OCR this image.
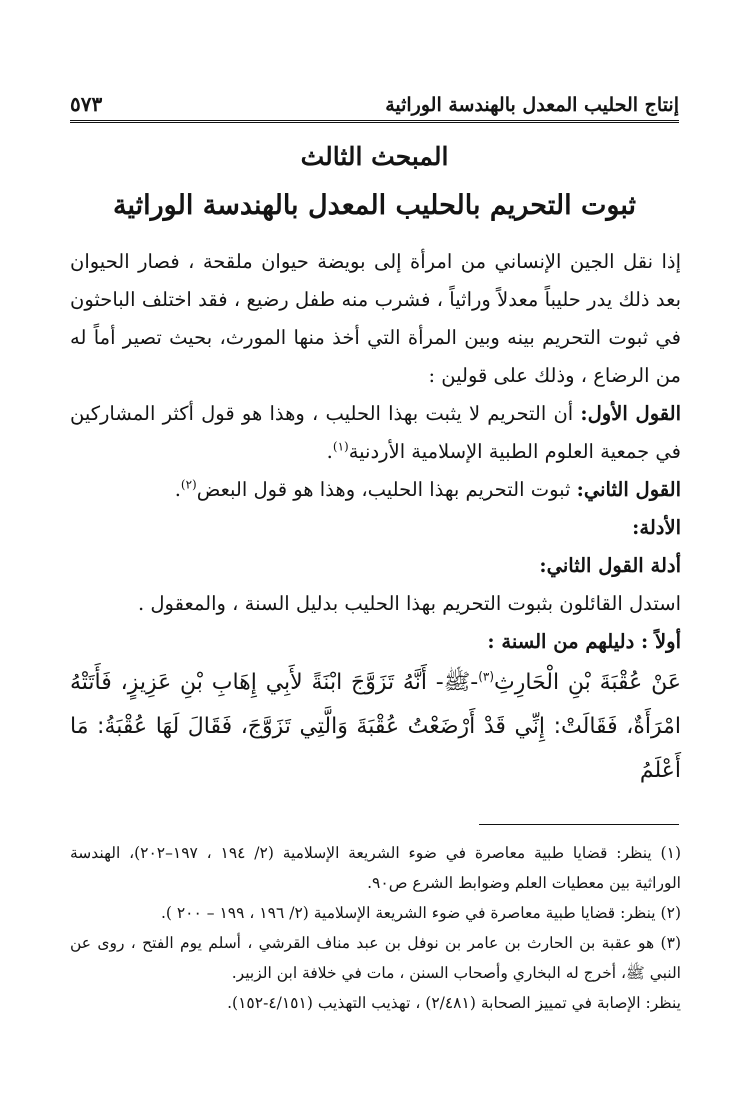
إنتاج الحليب المعدل بالهندسة الوراثية
٥٧٣
المبحث الثالث
ثبوت التحريم بالحليب المعدل بالهندسة الوراثية

إذا نقل الجين الإنساني من امرأة إلى بويضة حيوان ملقحة ، فصار الحيوان بعد ذلك يدر حليباً معدلاً وراثياً ، فشرب منه طفل رضيع ، فقد اختلف الباحثون في ثبوت التحريم بينه وبين المرأة التي أخذ منها المورث، بحيث تصير أماً له من الرضاع ، وذلك على قولين :

القول الأول: أن التحريم لا يثبت بهذا الحليب ، وهذا هو قول أكثر المشاركين في جمعية العلوم الطبية الإسلامية الأردنية$^{(١)}$.

القول الثاني: ثبوت التحريم بهذا الحليب، وهذا هو قول البعض$^{(٢)}$.

الأدلة:

أدلة القول الثاني:

استدل القائلون بثبوت التحريم بهذا الحليب بدليل السنة ، والمعقول .

أولاً : دليلهم من السنة :

عَنْ عُقْبَةَ بْنِ الْحَارِثِ$^{(٣)}$-ﷺ- أَنَّهُ تَزَوَّجَ ابْنَةً لأَبِي إِهَابِ بْنِ عَزِيزٍ، فَأَتَتْهُ امْرَأَةٌ، فَقَالَتْ: إِنِّي قَدْ أَرْضَعْتُ عُقْبَةَ وَالَّتِي تَزَوَّجَ، فَقَالَ لَهَا عُقْبَةُ: مَا أَعْلَمُ

(١) ينظر: قضايا طبية معاصرة في ضوء الشريعة الإسلامية (٢/ ١٩٤ ، ١٩٧–٢٠٢)، الهندسة الوراثية بين معطيات العلم وضوابط الشرع ص٩٠.

(٢) ينظر: قضايا طبية معاصرة في ضوء الشريعة الإسلامية (٢/ ١٩٦ ، ١٩٩ – ٢٠٠ ).

(٣) هو عقبة بن الحارث بن عامر بن نوفل بن عبد مناف القرشي ، أسلم يوم الفتح ، روى عن النبي ﷺ، أخرج له البخاري وأصحاب السنن ، مات في خلافة ابن الزبير.

ينظر: الإصابة في تمييز الصحابة (٢/٤٨١) ، تهذيب التهذيب (٤/١٥١-١٥٢).
